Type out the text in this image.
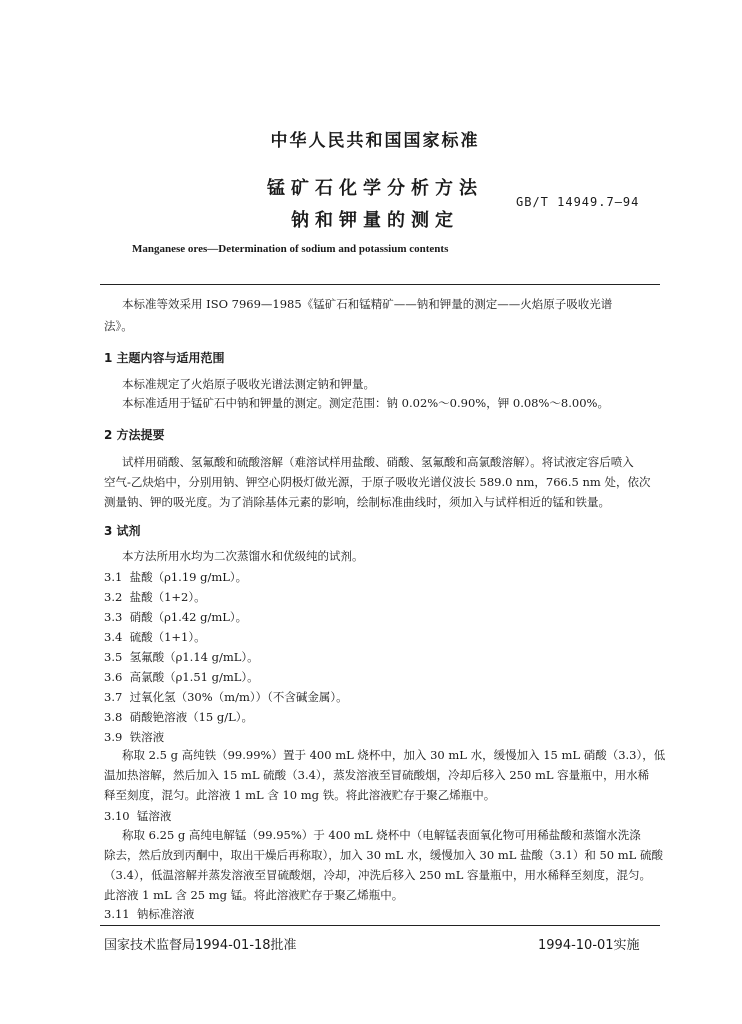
中华人民共和国国家标准
锰矿石化学分析方法
钠和钾量的测定
GB/T 14949.7—94
Manganese ores—Determination of sodium and potassium contents
本标准等效采用 ISO 7969—1985《锰矿石和锰精矿——钠和钾量的测定——火焰原子吸收光谱
法》。
1 主题内容与适用范围
本标准规定了火焰原子吸收光谱法测定钠和钾量。
本标准适用于锰矿石中钠和钾量的测定。测定范围：钠 0.02%～0.90%，钾 0.08%～8.00%。
2 方法提要
试样用硝酸、氢氟酸和硫酸溶解（难溶试样用盐酸、硝酸、氢氟酸和高氯酸溶解）。将试液定容后喷入
空气-乙炔焰中，分别用钠、钾空心阴极灯做光源，于原子吸收光谱仪波长 589.0 nm，766.5 nm 处，依次
测量钠、钾的吸光度。为了消除基体元素的影响，绘制标准曲线时，须加入与试样相近的锰和铁量。
3 试剂
本方法所用水均为二次蒸馏水和优级纯的试剂。
3.1 盐酸（ρ1.19 g/mL）。
3.2 盐酸（1+2）。
3.3 硝酸（ρ1.42 g/mL）。
3.4 硫酸（1+1）。
3.5 氢氟酸（ρ1.14 g/mL）。
3.6 高氯酸（ρ1.51 g/mL）。
3.7 过氧化氢（30%（m/m））（不含碱金属）。
3.8 硝酸铯溶液（15 g/L）。
3.9 铁溶液
称取 2.5 g 高纯铁（99.99%）置于 400 mL 烧杯中，加入 30 mL 水，缓慢加入 15 mL 硝酸（3.3），低
温加热溶解，然后加入 15 mL 硫酸（3.4），蒸发溶液至冒硫酸烟，冷却后移入 250 mL 容量瓶中，用水稀
释至刻度，混匀。此溶液 1 mL 含 10 mg 铁。将此溶液贮存于聚乙烯瓶中。
3.10 锰溶液
称取 6.25 g 高纯电解锰（99.95%）于 400 mL 烧杯中（电解锰表面氧化物可用稀盐酸和蒸馏水洗涤
除去，然后放到丙酮中，取出干燥后再称取），加入 30 mL 水，缓慢加入 30 mL 盐酸（3.1）和 50 mL 硫酸
（3.4），低温溶解并蒸发溶液至冒硫酸烟，冷却，冲洗后移入 250 mL 容量瓶中，用水稀释至刻度，混匀。
此溶液 1 mL 含 25 mg 锰。将此溶液贮存于聚乙烯瓶中。
3.11 钠标准溶液
国家技术监督局1994-01-18批准	1994-10-01实施
